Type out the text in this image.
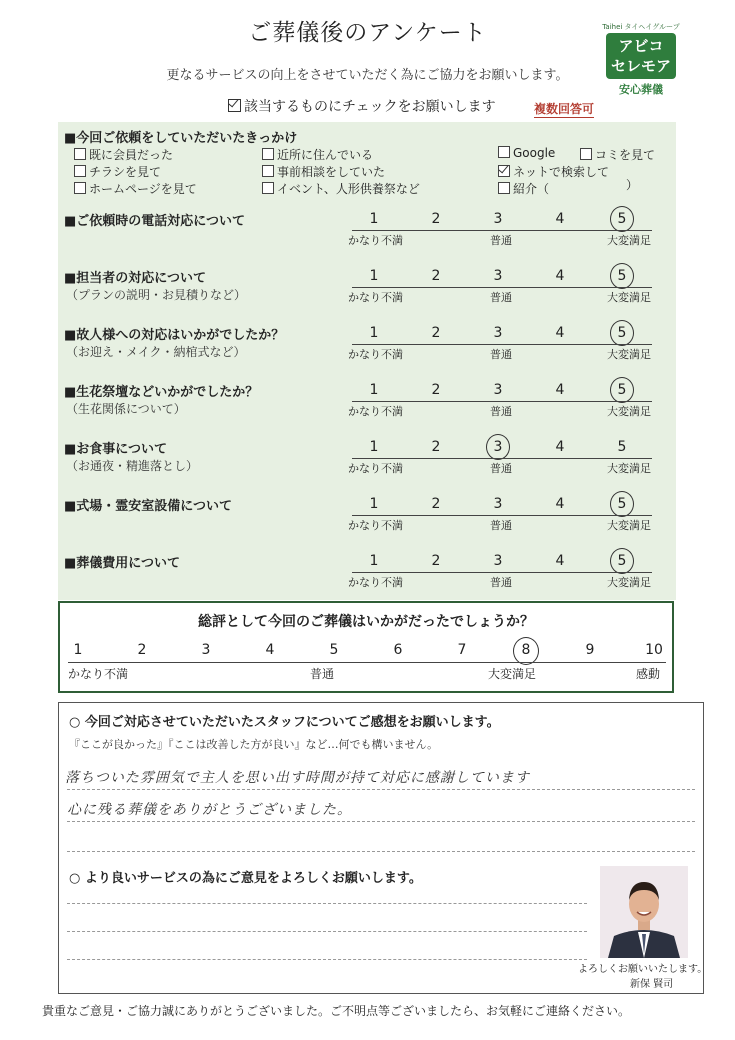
ご葬儀後のアンケート
更なるサービスの向上をさせていただく為にご協力をお願いします。
Taihei タイヘイグループ
アビコ
セレモア
安心葬儀
該当するものにチェックをお願いします	複数回答可
■今回ご依頼をしていただいたきっかけ
既に会員だった
チラシを見て
ホームページを見て
近所に住んでいる
事前相談をしていた
イベント、人形供養祭など
Google	コミを見て
ネットで検索して
紹介（	）
■ご依頼時の電話対応について	1	2	3	4	5
かなり不満	普通	大変満足
■担当者の対応について
（プランの説明・お見積りなど）
1	2	3	4	5
かなり不満	普通	大変満足
■故人様への対応はいかがでしたか？
（お迎え・メイク・納棺式など）
1	2	3	4	5
かなり不満	普通	大変満足
■生花祭壇などいかがでしたか？
（生花関係について）
1	2	3	4	5
かなり不満	普通	大変満足
■お食事について
（お通夜・精進落とし）
1	2	3	4	5
かなり不満	普通	大変満足
■式場・霊安室設備について	1	2	3	4	5
かなり不満	普通	大変満足
■葬儀費用について	1	2	3	4	5
かなり不満	普通	大変満足
総評として今回のご葬儀はいかがだったでしょうか？
1	2	3	4	5	6	7	8	9	10
かなり不満	普通	大変満足	感動
○ 今回ご対応させていただいたスタッフについてご感想をお願いします。
『ここが良かった』『ここは改善した方が良い』など…何でも構いません。
落ちついた雰囲気で主人を思い出す時間が持て対応に感謝しています
心に残る葬儀をありがとうございました。
○ より良いサービスの為にご意見をよろしくお願いします。
よろしくお願いいたします。
新保 賢司
貴重なご意見・ご協力誠にありがとうございました。ご不明点等ございましたら、お気軽にご連絡ください。
